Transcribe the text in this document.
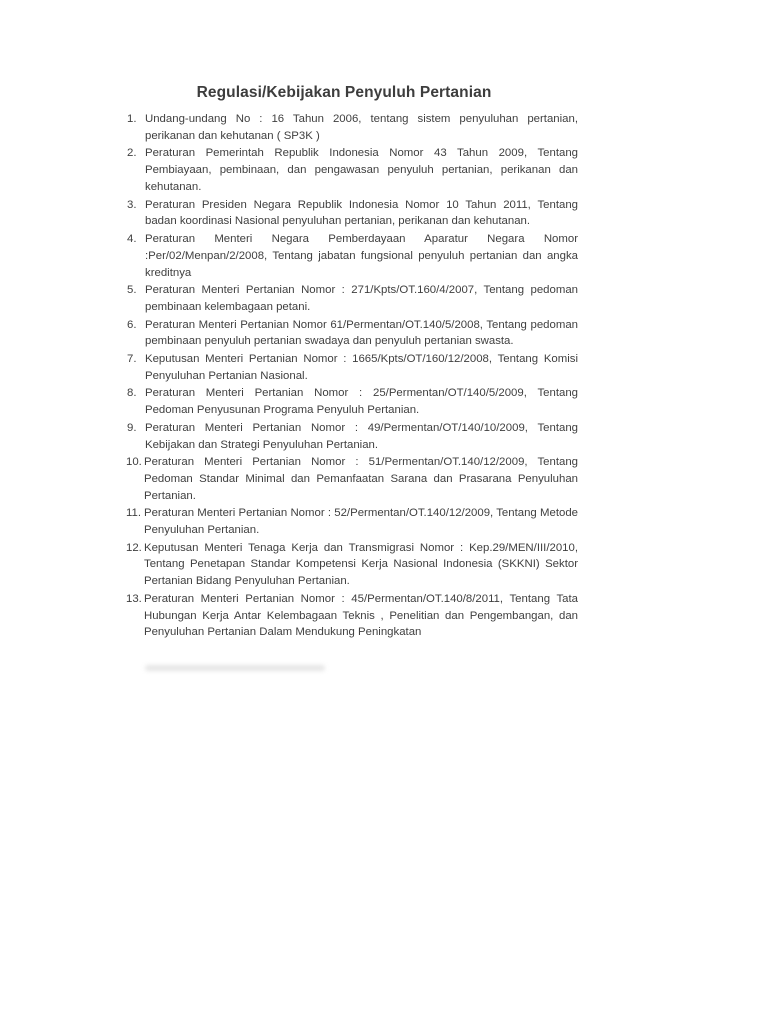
Regulasi/Kebijakan Penyuluh Pertanian
1. Undang-undang No : 16 Tahun 2006, tentang sistem penyuluhan pertanian, perikanan dan kehutanan ( SP3K )
2. Peraturan Pemerintah Republik Indonesia Nomor 43 Tahun 2009, Tentang Pembiayaan, pembinaan, dan pengawasan penyuluh pertanian, perikanan dan kehutanan.
3. Peraturan Presiden Negara Republik Indonesia Nomor 10 Tahun 2011, Tentang badan koordinasi Nasional penyuluhan pertanian, perikanan dan kehutanan.
4. Peraturan Menteri Negara Pemberdayaan Aparatur Negara Nomor :Per/02/Menpan/2/2008, Tentang jabatan fungsional penyuluh pertanian dan angka kreditnya
5. Peraturan Menteri Pertanian Nomor : 271/Kpts/OT.160/4/2007, Tentang pedoman pembinaan kelembagaan petani.
6. Peraturan Menteri Pertanian Nomor 61/Permentan/OT.140/5/2008, Tentang pedoman pembinaan penyuluh pertanian swadaya dan penyuluh pertanian swasta.
7. Keputusan Menteri Pertanian Nomor : 1665/Kpts/OT/160/12/2008, Tentang Komisi Penyuluhan Pertanian Nasional.
8. Peraturan Menteri Pertanian Nomor : 25/Permentan/OT/140/5/2009, Tentang Pedoman Penyusunan Programa Penyuluh Pertanian.
9. Peraturan Menteri Pertanian Nomor : 49/Permentan/OT/140/10/2009, Tentang Kebijakan dan Strategi Penyuluhan Pertanian.
10. Peraturan Menteri Pertanian Nomor : 51/Permentan/OT.140/12/2009, Tentang Pedoman Standar Minimal dan Pemanfaatan Sarana dan Prasarana Penyuluhan Pertanian.
11. Peraturan Menteri Pertanian Nomor : 52/Permentan/OT.140/12/2009, Tentang Metode Penyuluhan Pertanian.
12. Keputusan Menteri Tenaga Kerja dan Transmigrasi Nomor : Kep.29/MEN/III/2010, Tentang Penetapan Standar Kompetensi Kerja Nasional Indonesia (SKKNI) Sektor Pertanian Bidang Penyuluhan Pertanian.
13. Peraturan Menteri Pertanian Nomor : 45/Permentan/OT.140/8/2011, Tentang Tata Hubungan Kerja Antar Kelembagaan Teknis , Penelitian dan Pengembangan, dan Penyuluhan Pertanian Dalam Mendukung Peningkatan
